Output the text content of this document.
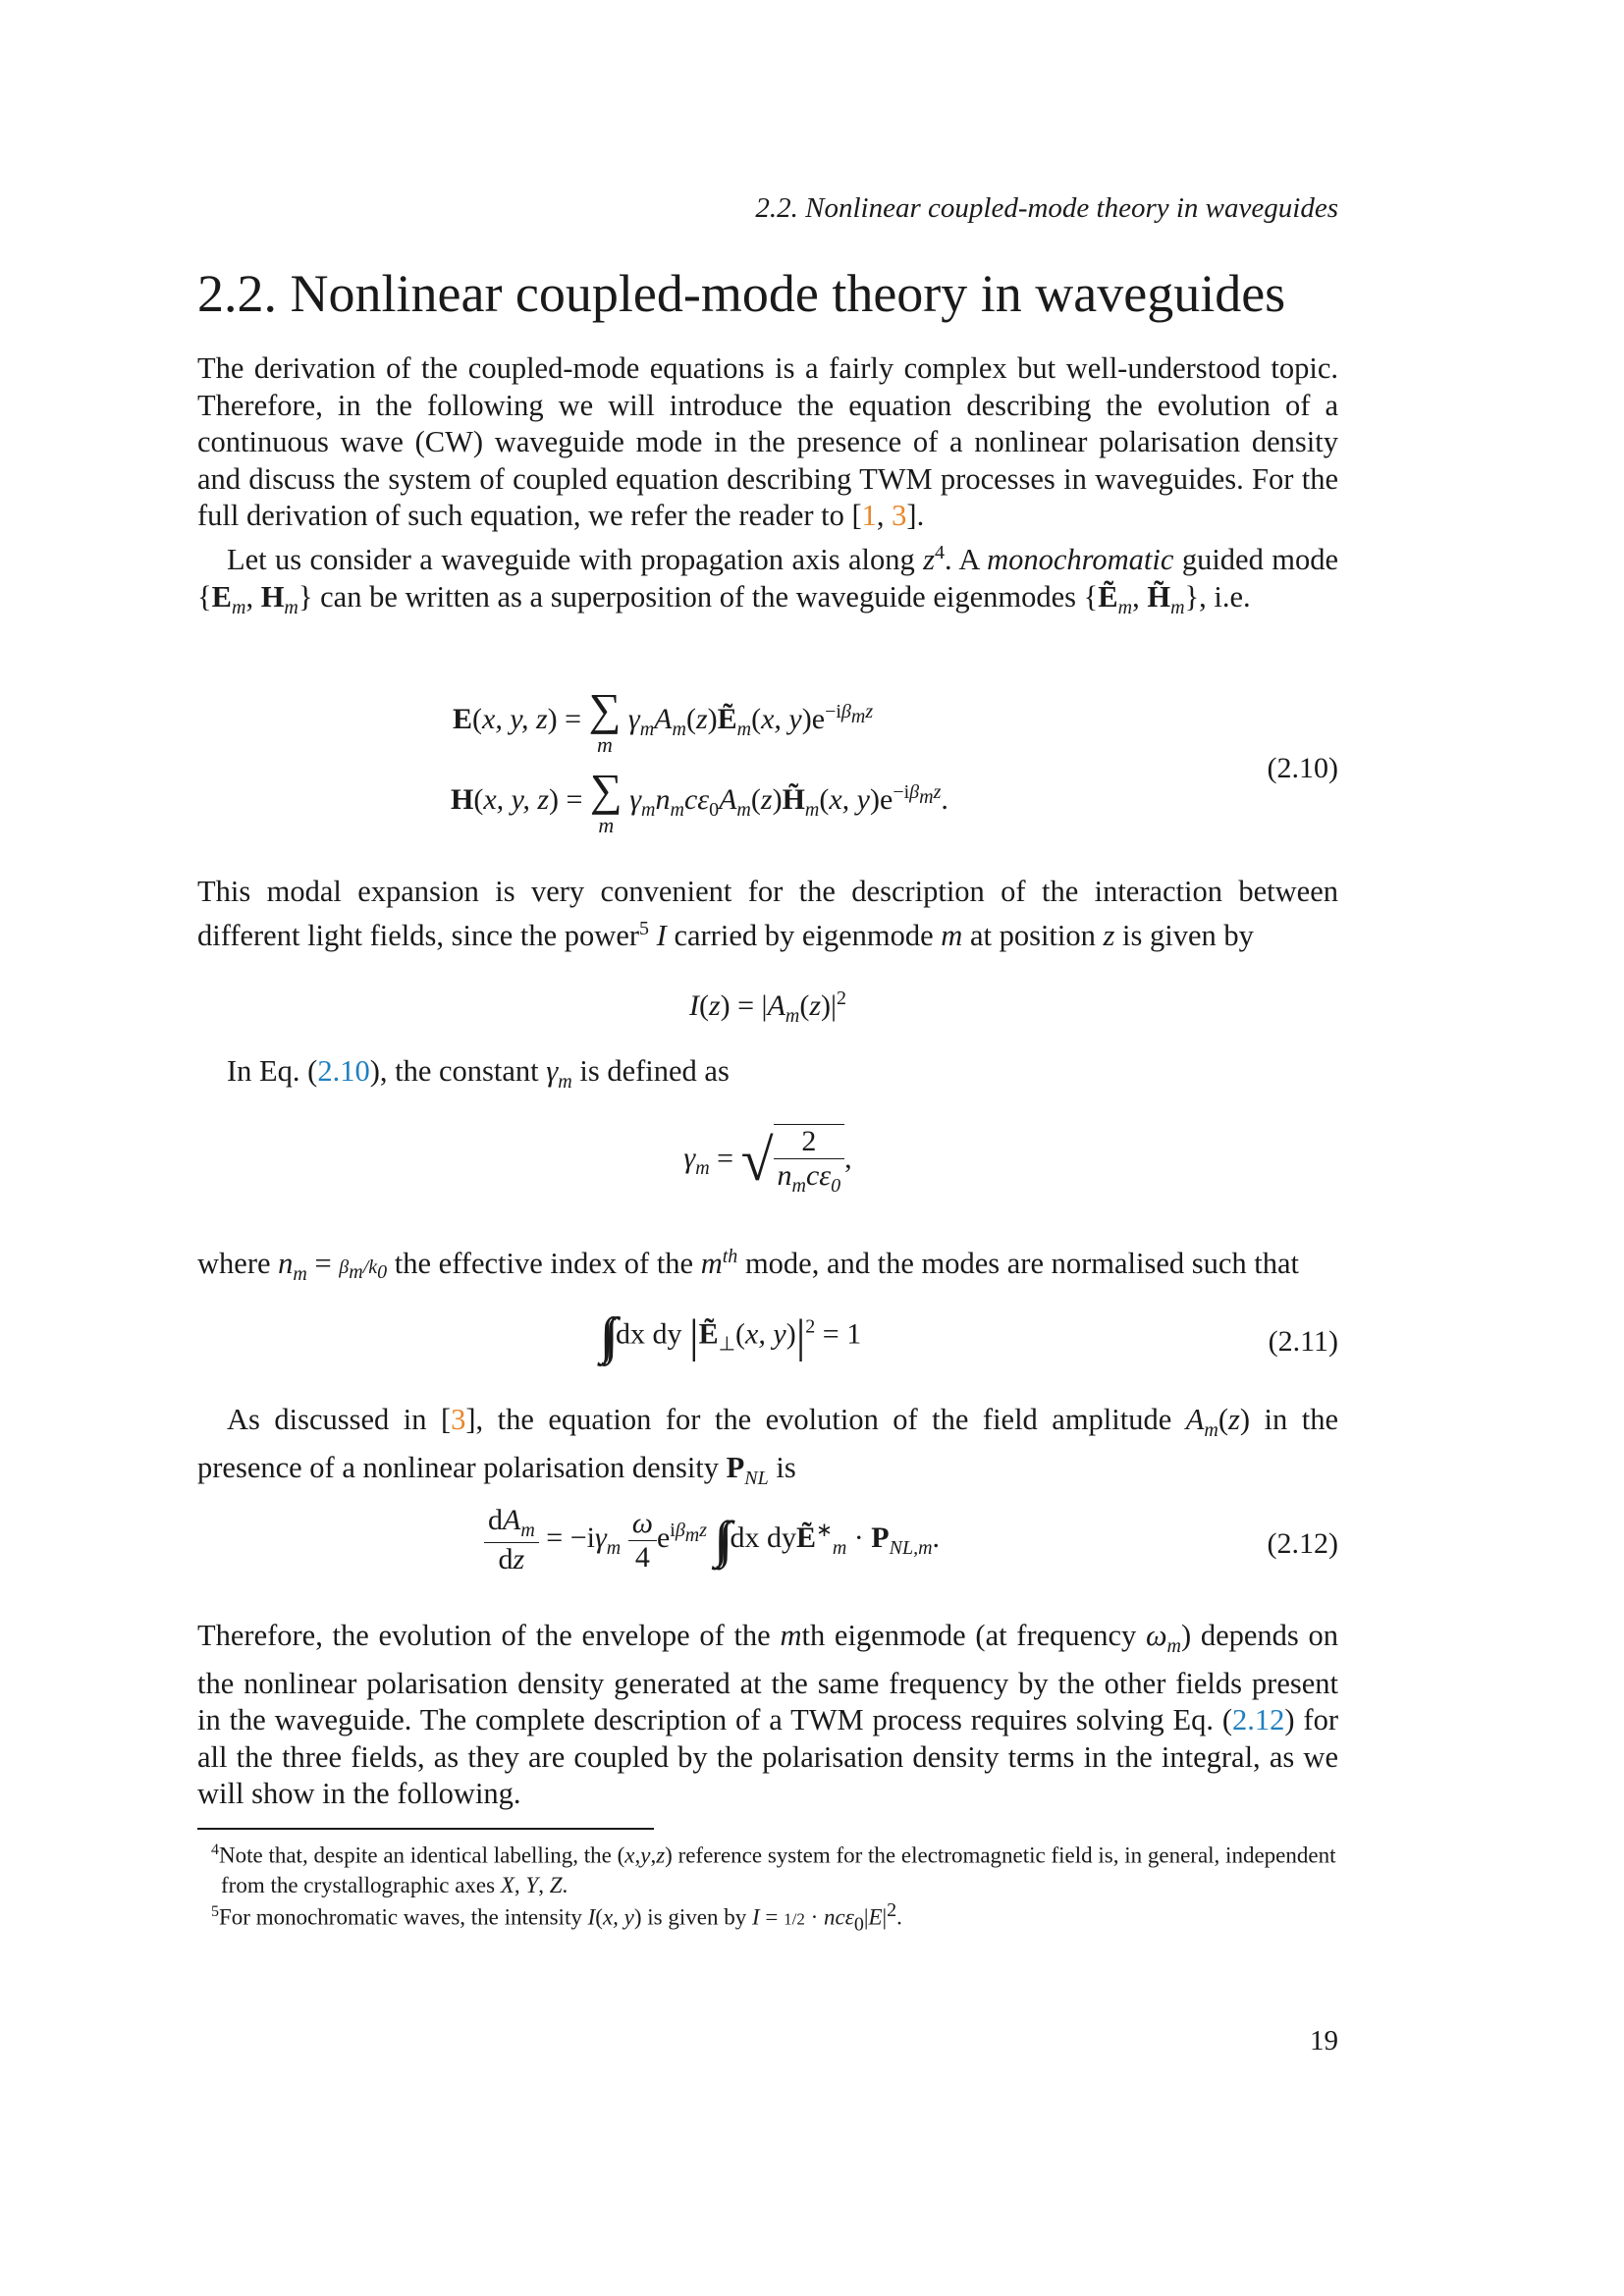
2.2. Nonlinear coupled-mode theory in waveguides
2.2. Nonlinear coupled-mode theory in waveguides

The derivation of the coupled-mode equations is a fairly complex but well-understood topic. Therefore, in the following we will introduce the equation describing the evolution of a continuous wave (CW) waveguide mode in the presence of a nonlinear polarisation density and discuss the system of coupled equation describing TWM processes in waveguides. For the full derivation of such equation, we refer the reader to [1, 3].

Let us consider a waveguide with propagation axis along $z^4$. A monochromatic guided mode {$E_m$, $H_m$} can be written as a superposition of the waveguide eigenmodes {Ẽ$_m$, $H̃_m$}, i.e.

E(x, y, z) = ∑
m
$\gamma_mA_m(z)Ẽ_m(x$, $y)e^{-i\beta_mz}$
H(x, y, z) = ∑
m
$\gamma_mn_mc\varepsilon_0A_m(z)H̃_m(x$, $y)e^{-i\beta_mz}$.
(2.10)

This modal expansion is very convenient for the description of the interaction between different light fields, since the power$^5$ I carried by eigenmode m at position z is given by

$I(z) = |A_m(z)|^2$

In Eq. (2.10), the constant $\gamma_m$ is defined as

$\gamma_m$ = √ $\frac{2}{n_mc\varepsilon_0}$ ,

where $n_m = \beta_m/k_0$ the effective index of the $m^{th}$ mode, and the modes are normalised such that

∫∫ dx dy |Ẽ$_\perp$(x, $y)|^2 = 1$	(2.11)

As discussed in [3], the equation for the evolution of the field amplitude $A_m(z)$ in the presence of a nonlinear polarisation density $P_{NL}$ is

$\frac{dA_m}{dz} = -i\gamma_m \frac{\omega}{4} e^{i\beta_mz}$ ∫∫ dx dyẼ∗$_m$ · $P_{NL,m}$.	(2.12)

Therefore, the evolution of the envelope of the mth eigenmode (at frequency $\omega_m$) depends on the nonlinear polarisation density generated at the same frequency by the other fields present in the waveguide. The complete description of a TWM process requires solving Eq. (2.12) for all the three fields, as they are coupled by the polarisation density terms in the integral, as we will show in the following.

$^4$Note that, despite an identical labelling, the (x,y,z) reference system for the electromagnetic field is, in general, independent from the crystallographic axes X, Y, Z.
$^5$For monochromatic waves, the intensity I(x, y) is given by $I = 1/2 \cdot nc\varepsilon_0|E|^2$.
19
